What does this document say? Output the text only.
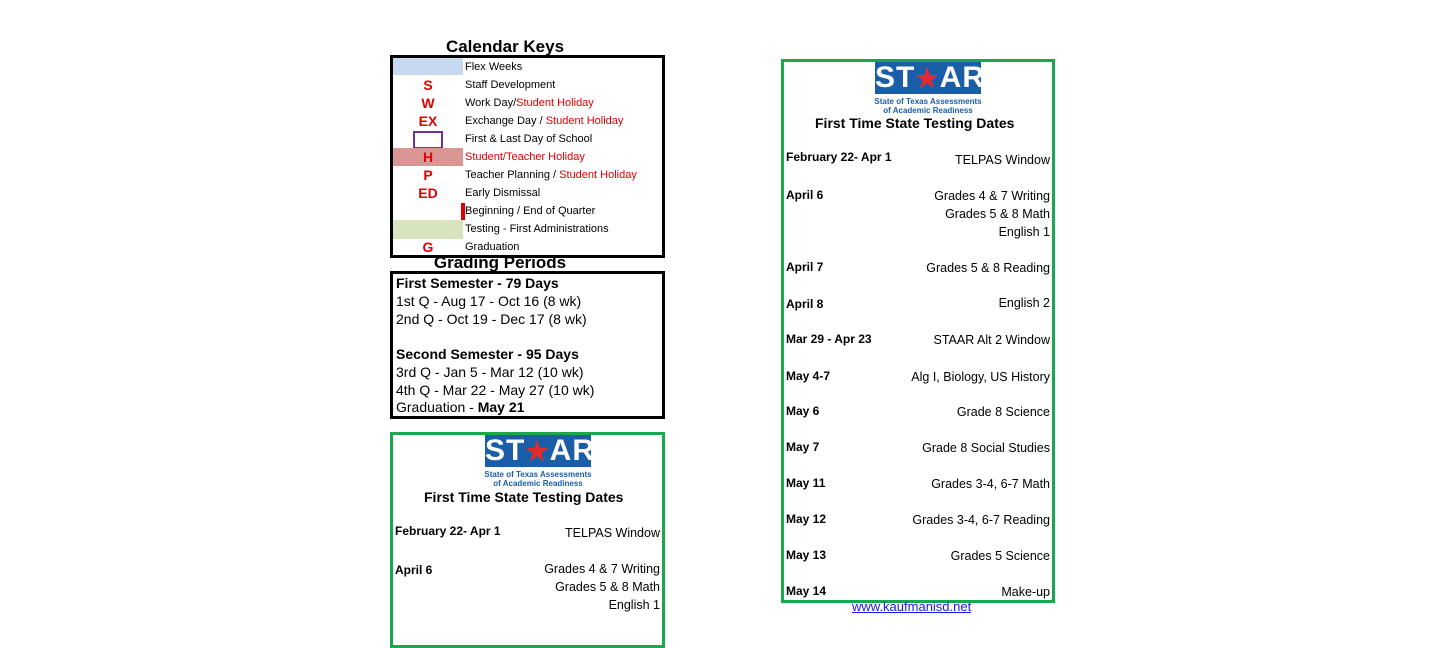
Calendar Keys
Flex Weeks
S	Staff Development
W	Work Day/Student Holiday
EX	Exchange Day / Student Holiday
First & Last Day of School
H	Student/Teacher Holiday
P	Teacher Planning / Student Holiday
ED	Early Dismissal
Beginning / End of Quarter
Testing - First Administrations
G	Graduation
Grading Periods
First Semester - 79 Days
1st Q - Aug 17 - Oct 16 (8 wk)
2nd Q - Oct 19 - Dec 17 (8 wk)
Second Semester - 95 Days
3rd Q - Jan 5 - Mar 12 (10 wk)
4th Q - Mar 22 - May 27 (10 wk)
Graduation - May 21
ST★AR
State of Texas Assessments
of Academic Readiness
First Time State Testing Dates
February 22- Apr 1	TELPAS Window
April 6	Grades 4 & 7 Writing
Grades 5 & 8 Math
English 1
ST★AR
State of Texas Assessments
of Academic Readiness
First Time State Testing Dates
February 22- Apr 1	TELPAS Window
April 6	Grades 4 & 7 Writing
Grades 5 & 8 Math
English 1
April 7	Grades 5 & 8 Reading
April 8	English 2
Mar 29 - Apr 23	STAAR Alt 2 Window
May 4-7	Alg I, Biology, US History
May 6	Grade 8 Science
May 7	Grade 8 Social Studies
May 11	Grades 3-4, 6-7 Math
May 12	Grades 3-4, 6-7 Reading
May 13	Grades 5 Science
May 14	Make-up
www.kaufmanisd.net
